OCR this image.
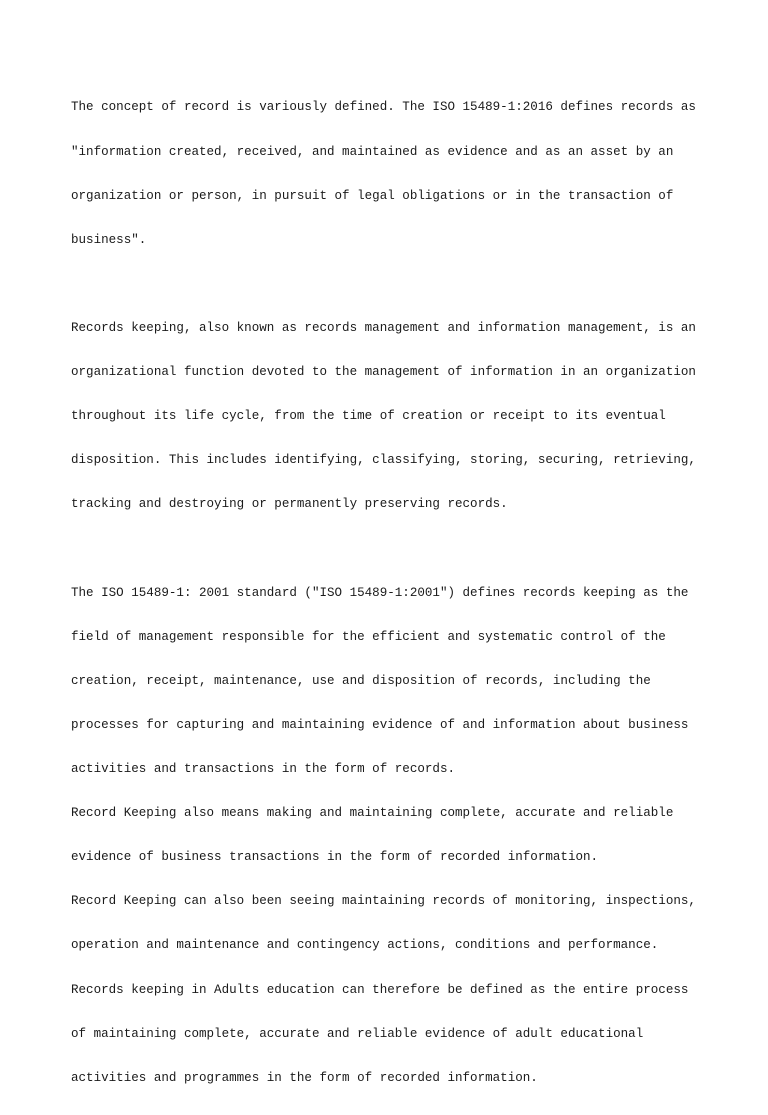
The concept of record is variously defined. The ISO 15489-1:2016 defines records as

"information created, received, and maintained as evidence and as an asset by an

organization or person, in pursuit of legal obligations or in the transaction of

business".

Records keeping, also known as records management and information management, is an

organizational function devoted to the management of information in an organization

throughout its life cycle, from the time of creation or receipt to its eventual

disposition. This includes identifying, classifying, storing, securing, retrieving,

tracking and destroying or permanently preserving records.

The ISO 15489-1: 2001 standard ("ISO 15489-1:2001") defines records keeping as the

field of management responsible for the efficient and systematic control of the

creation, receipt, maintenance, use and disposition of records, including the

processes for capturing and maintaining evidence of and information about business

activities and transactions in the form of records.

Record Keeping also means making and maintaining complete, accurate and reliable

evidence of business transactions in the form of recorded information.

Record Keeping can also been seeing maintaining records of monitoring, inspections,

operation and maintenance and contingency actions, conditions and performance.

Records keeping in Adults education can therefore be defined as the entire process

of maintaining complete, accurate and reliable evidence of adult educational

activities and programmes in the form of recorded information.
